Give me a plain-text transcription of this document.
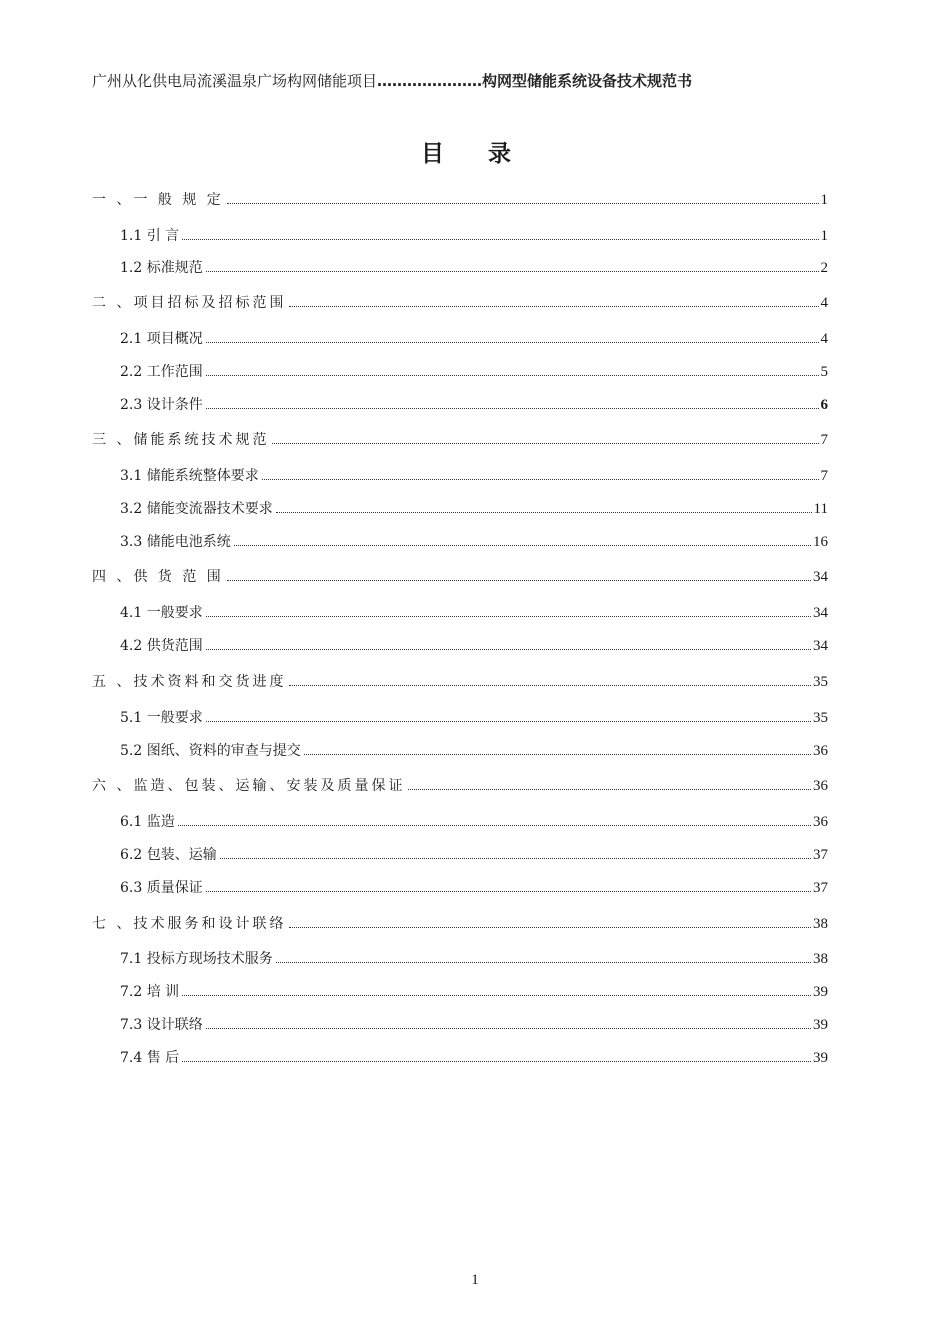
广州从化供电局流溪温泉广场构网储能项目…………………构网型储能系统设备技术规范书
目 录
一 、一 般 规 定	1
1.1 引 言	1
1.2 标准规范	2
二 、项目招标及招标范围	4
2.1 项目概况	4
2.2 工作范围	5
2.3 设计条件	6
三 、储能系统技术规范	7
3.1 储能系统整体要求	7
3.2 储能变流器技术要求	11
3.3 储能电池系统	16
四 、供 货 范 围	34
4.1 一般要求	34
4.2 供货范围	34
五 、技术资料和交货进度	35
5.1 一般要求	35
5.2 图纸、资料的审查与提交	36
六 、监造、包装、运输、安装及质量保证	36
6.1 监造	36
6.2 包装、运输	37
6.3 质量保证	37
七 、技术服务和设计联络	38
7.1 投标方现场技术服务	38
7.2 培 训	39
7.3 设计联络	39
7.4 售 后	39
1
